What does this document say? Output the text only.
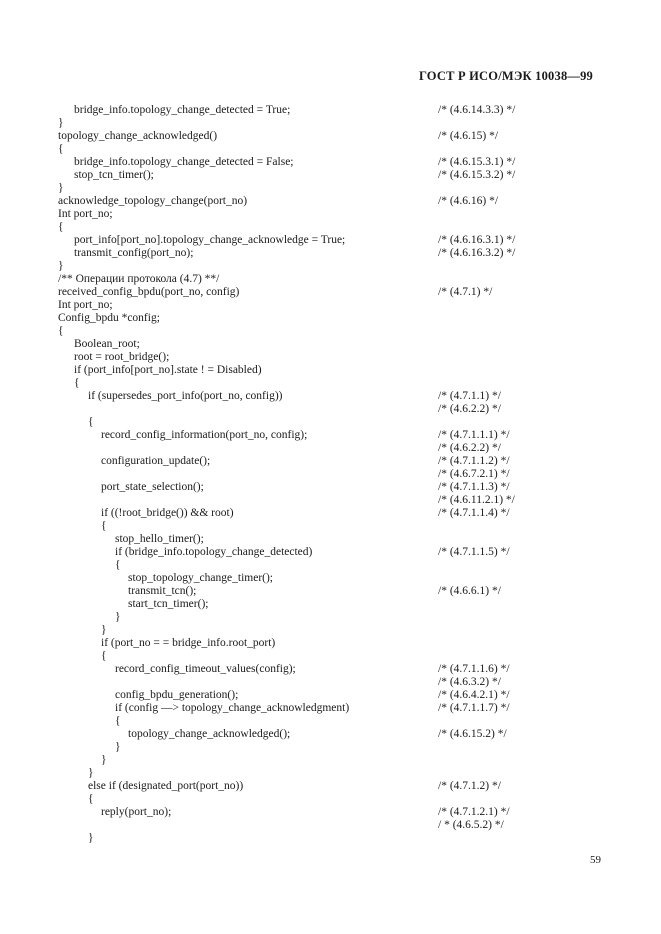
ГОСТ Р ИСО/МЭК 10038—99
bridge_info.topology_change_detected = True;	/* (4.6.14.3.3) */
}
topology_change_acknowledged()	/* (4.6.15) */
{
bridge_info.topology_change_detected = False;	/* (4.6.15.3.1) */
stop_tcn_timer();	/* (4.6.15.3.2) */
}
acknowledge_topology_change(port_no)	/* (4.6.16) */
Int port_no;
{
port_info[port_no].topology_change_acknowledge = True;	/* (4.6.16.3.1) */
transmit_config(port_no);	/* (4.6.16.3.2) */
}
/** Операции протокола (4.7) **/
received_config_bpdu(port_no, config)	/* (4.7.1) */
Int port_no;
Config_bpdu *config;
{
Boolean_root;
root = root_bridge();
if (port_info[port_no].state ! = Disabled)
{
if (supersedes_port_info(port_no, config))	/* (4.7.1.1) */
/* (4.6.2.2) */
{
record_config_information(port_no, config);	/* (4.7.1.1.1) */
/* (4.6.2.2) */
configuration_update();	/* (4.7.1.1.2) */
/* (4.6.7.2.1) */
port_state_selection();	/* (4.7.1.1.3) */
/* (4.6.11.2.1) */
if ((!root_bridge()) && root)	/* (4.7.1.1.4) */
{
stop_hello_timer();
if (bridge_info.topology_change_detected)	/* (4.7.1.1.5) */
{
stop_topology_change_timer();
transmit_tcn();	/* (4.6.6.1) */
start_tcn_timer();
}
}
if (port_no = = bridge_info.root_port)
{
record_config_timeout_values(config);	/* (4.7.1.1.6) */
/* (4.6.3.2) */
config_bpdu_generation();	/* (4.6.4.2.1) */
if (config —> topology_change_acknowledgment)	/* (4.7.1.1.7) */
{
topology_change_acknowledged();	/* (4.6.15.2) */
}
}
}
else if (designated_port(port_no))	/* (4.7.1.2) */
{
reply(port_no);	/* (4.7.1.2.1) */
/ * (4.6.5.2) */
}
59
